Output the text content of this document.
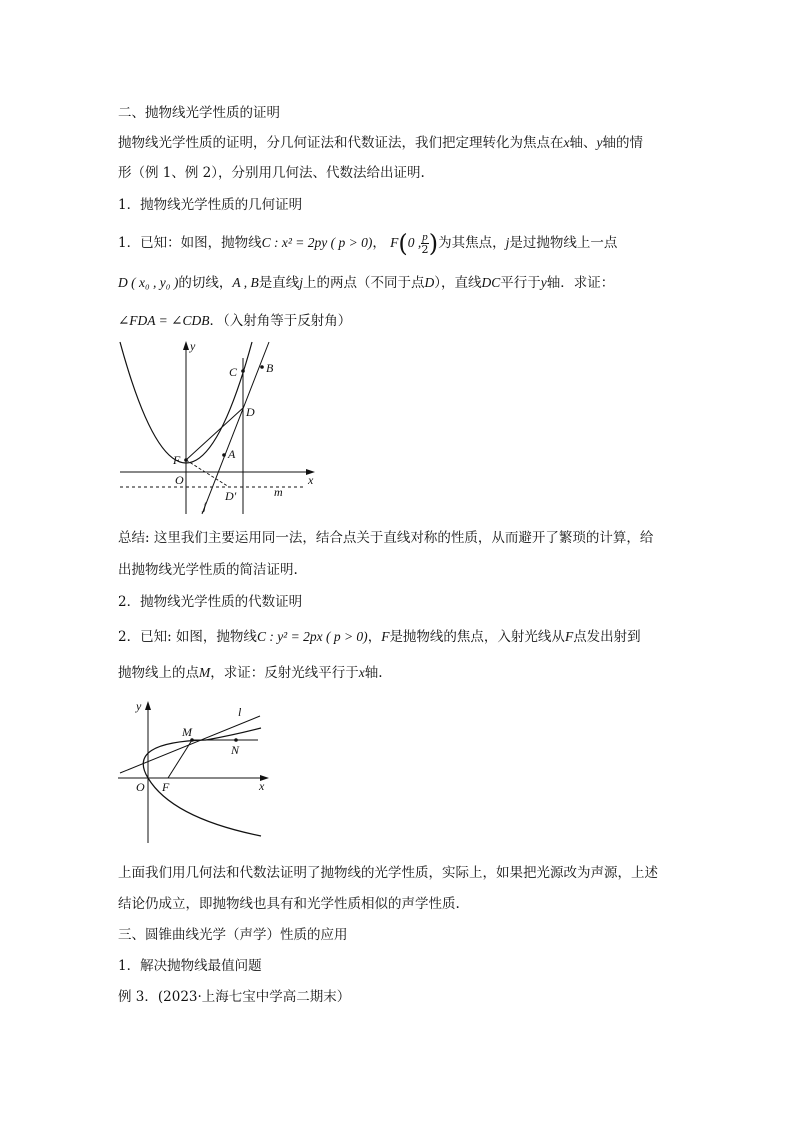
二、抛物线光学性质的证明
抛物线光学性质的证明，分几何证法和代数证法，我们把定理转化为焦点在x轴、y轴的情
形（例 1、例 2），分别用几何法、代数法给出证明.
1．抛物线光学性质的几何证明
1．已知：如图，抛物线C : x² = 2py ( p > 0)， F(0 , $\frac{p}{2}$ )为其焦点，j是过抛物线上一点
D ( x₀ , y₀ )的切线，A , B是直线j上的两点（不同于点D），直线DC平行于y轴．求证：
∠FDA = ∠CDB．（入射角等于反射角）
y
x
C B
D
F	A
O
D′	m
j
总结: 这里我们主要运用同一法，结合点关于直线对称的性质，从而避开了繁琐的计算，给
出抛物线光学性质的简洁证明.
2．抛物线光学性质的代数证明
2．已知: 如图，抛物线C : y² = 2px ( p > 0)，F是抛物线的焦点，入射光线从F点发出射到
抛物线上的点M，求证：反射光线平行于x轴.
y
x
l
M
N
O F
上面我们用几何法和代数法证明了抛物线的光学性质，实际上，如果把光源改为声源，上述
结论仍成立，即抛物线也具有和光学性质相似的声学性质.
三、圆锥曲线光学（声学）性质的应用
1．解决抛物线最值问题
例 3．(2023·上海七宝中学高二期末）
